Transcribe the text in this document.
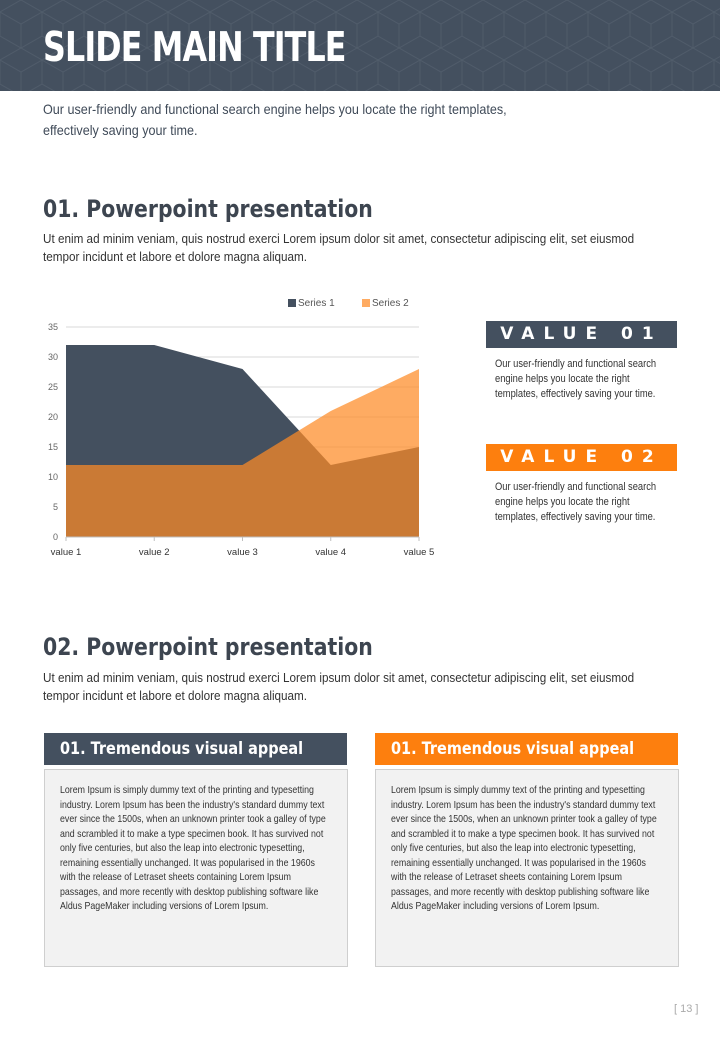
SLIDE MAIN TITLE
Our user-friendly and functional search engine helps you locate the right templates,
effectively saving your time.
01. Powerpoint presentation
Ut enim ad minim veniam, quis nostrud exerci Lorem ipsum dolor sit amet, consectetur adipiscing elit, set eiusmod tempor incidunt et labore et dolore magna aliquam.
0
5
10
15
20
25
30
35
value 1	value 2	value 3	value 4	value 5
Series 1	Series 2
VALUE 01
Our user-friendly and functional search engine helps you locate the right templates, effectively saving your time.
VALUE 02
Our user-friendly and functional search engine helps you locate the right templates, effectively saving your time.
02. Powerpoint presentation
Ut enim ad minim veniam, quis nostrud exerci Lorem ipsum dolor sit amet, consectetur adipiscing elit, set eiusmod tempor incidunt et labore et dolore magna aliquam.
01. Tremendous visual appeal
Lorem Ipsum is simply dummy text of the printing and typesetting industry. Lorem Ipsum has been the industry's standard dummy text ever since the 1500s, when an unknown printer took a galley of type and scrambled it to make a type specimen book. It has survived not only five centuries, but also the leap into electronic typesetting, remaining essentially unchanged. It was popularised in the 1960s with the release of Letraset sheets containing Lorem Ipsum passages, and more recently with desktop publishing software like Aldus PageMaker including versions of Lorem Ipsum.
01. Tremendous visual appeal
Lorem Ipsum is simply dummy text of the printing and typesetting industry. Lorem Ipsum has been the industry's standard dummy text ever since the 1500s, when an unknown printer took a galley of type and scrambled it to make a type specimen book. It has survived not only five centuries, but also the leap into electronic typesetting, remaining essentially unchanged. It was popularised in the 1960s with the release of Letraset sheets containing Lorem Ipsum passages, and more recently with desktop publishing software like Aldus PageMaker including versions of Lorem Ipsum.
[ 13 ]
